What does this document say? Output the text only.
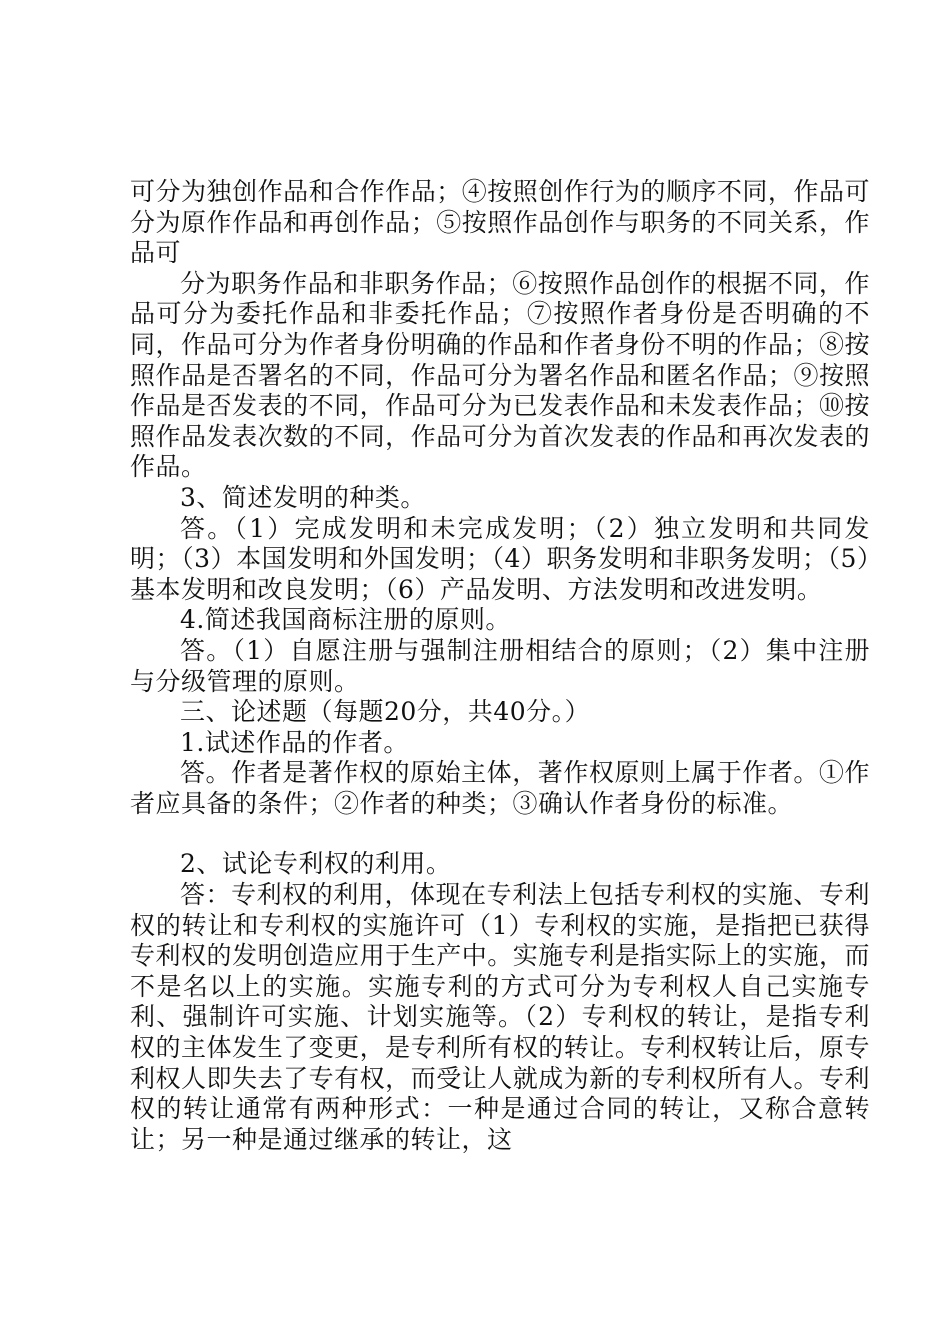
可分为独创作品和合作作品；④按照创作行为的顺序不同，作品可分为原作作品和再创作品；⑤按照作品创作与职务的不同关系，作品可

分为职务作品和非职务作品；⑥按照作品创作的根据不同，作品可分为委托作品和非委托作品；⑦按照作者身份是否明确的不同，作品可分为作者身份明确的作品和作者身份不明的作品；⑧按照作品是否署名的不同，作品可分为署名作品和匿名作品；⑨按照作品是否发表的不同，作品可分为已发表作品和未发表作品；⑩按照作品发表次数的不同，作品可分为首次发表的作品和再次发表的作品。

3、简述发明的种类。

答。（1）完成发明和未完成发明；（2）独立发明和共同发明；（3）本国发明和外国发明；（4）职务发明和非职务发明；（5）基本发明和改良发明；（6）产品发明、方法发明和改进发明。

4.简述我国商标注册的原则。

答。（1）自愿注册与强制注册相结合的原则；（2）集中注册与分级管理的原则。

三、论述题（每题20分，共40分。）

1.试述作品的作者。

答。作者是著作权的原始主体，著作权原则上属于作者。①作者应具备的条件；②作者的种类；③确认作者身份的标准。

2、试论专利权的利用。

答：专利权的利用，体现在专利法上包括专利权的实施、专利权的转让和专利权的实施许可（1）专利权的实施，是指把已获得专利权的发明创造应用于生产中。实施专利是指实际上的实施，而不是名以上的实施。实施专利的方式可分为专利权人自己实施专利、强制许可实施、计划实施等。（2）专利权的转让，是指专利权的主体发生了变更，是专利所有权的转让。专利权转让后，原专利权人即失去了专有权，而受让人就成为新的专利权所有人。专利权的转让通常有两种形式：一种是通过合同的转让，又称合意转让；另一种是通过继承的转让，这
